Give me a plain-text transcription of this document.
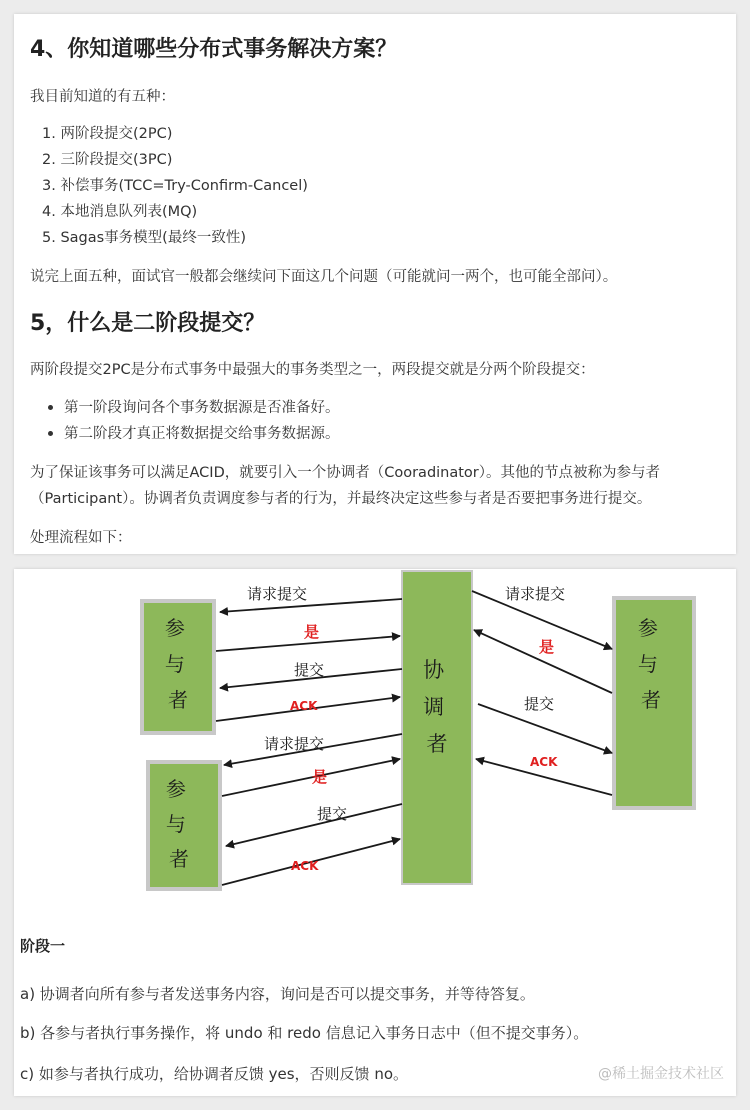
4、你知道哪些分布式事务解决方案？

我目前知道的有五种：

1. 两阶段提交(2PC)
2. 三阶段提交(3PC)
3. 补偿事务(TCC=Try-Confirm-Cancel)
4. 本地消息队列表(MQ)
5. Sagas事务模型(最终一致性)

说完上面五种，面试官一般都会继续问下面这几个问题（可能就问一两个，也可能全部问）。

5，什么是二阶段提交？

两阶段提交2PC是分布式事务中最强大的事务类型之一，两段提交就是分两个阶段提交：

第一阶段询问各个事务数据源是否准备好。
第二阶段才真正将数据提交给事务数据源。

为了保证该事务可以满足ACID，就要引入一个协调者（Cooradinator）。其他的节点被称为参与者

（Participant）。协调者负责调度参与者的行为，并最终决定这些参与者是否要把事务进行提交。

处理流程如下：

参 与 者
参 与 者
参 与 者
协 调 者
请求提交
提交
请求提交
提交
请求提交
提交
是
ACK
是
ACK
是
ACK
阶段一
a) 协调者向所有参与者发送事务内容，询问是否可以提交事务，并等待答复。
b) 各参与者执行事务操作，将 undo 和 redo 信息记入事务日志中（但不提交事务）。
c) 如参与者执行成功，给协调者反馈 yes，否则反馈 no。	@稀土掘金技术社区
